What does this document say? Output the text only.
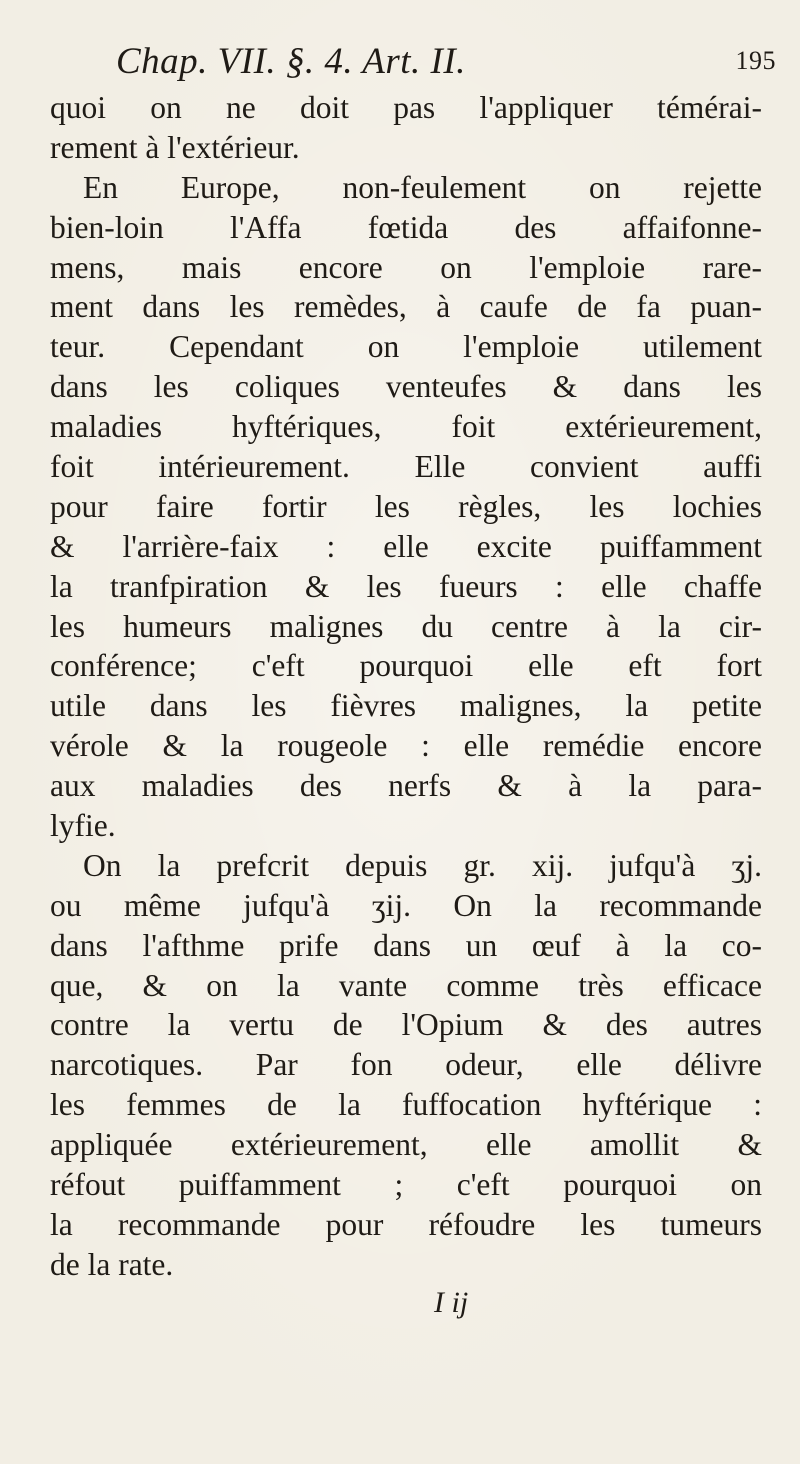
Chap. VII. §. 4. Art. II.	195
quoi on ne doit pas l'appliquer témérai-
rement à l'extérieur.
En Europe, non-feulement on rejette
bien-loin l'Affa fœtida des affaifonne-
mens, mais encore on l'emploie rare-
ment dans les remèdes, à caufe de fa puan-
teur. Cependant on l'emploie utilement
dans les coliques venteufes & dans les
maladies hyftériques, foit extérieurement,
foit intérieurement. Elle convient auffi
pour faire fortir les règles, les lochies
& l'arrière-faix : elle excite puiffamment
la tranfpiration & les fueurs : elle chaffe
les humeurs malignes du centre à la cir-
conférence; c'eft pourquoi elle eft fort
utile dans les fièvres malignes, la petite
vérole & la rougeole : elle remédie encore
aux maladies des nerfs & à la para-
lyfie.
On la prefcrit depuis gr. xij. jufqu'à ʒj.
ou même jufqu'à ʒij. On la recommande
dans l'afthme prife dans un œuf à la co-
que, & on la vante comme très efficace
contre la vertu de l'Opium & des autres
narcotiques. Par fon odeur, elle délivre
les femmes de la fuffocation hyftérique :
appliquée extérieurement, elle amollit &
réfout puiffamment ; c'eft pourquoi on
la recommande pour réfoudre les tumeurs
de la rate.
I ij
